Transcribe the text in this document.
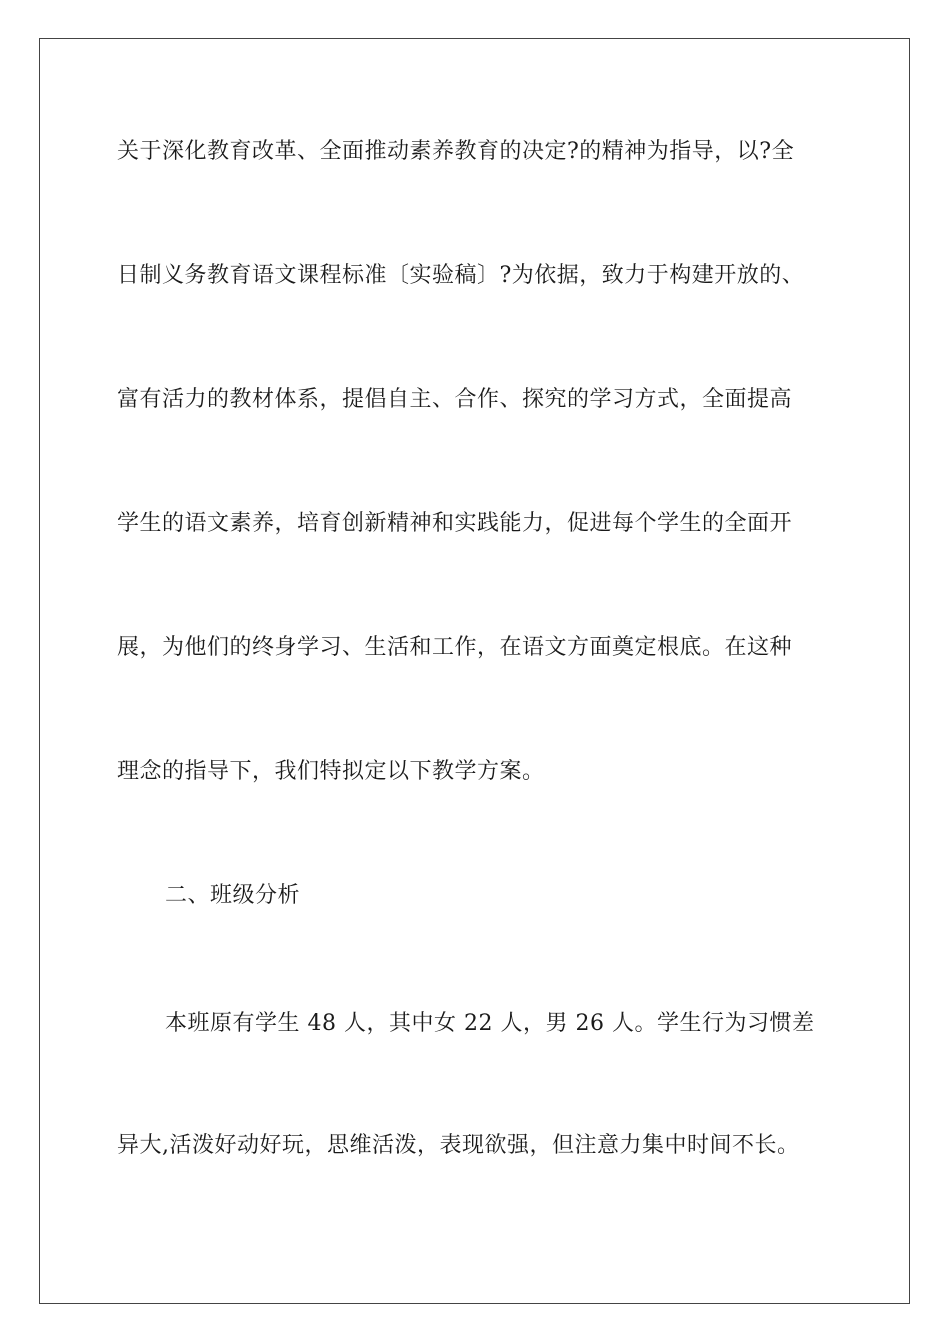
关于深化教育改革、全面推动素养教育的决定?的精神为指导，以?全
日制义务教育语文课程标准〔实验稿〕?为依据，致力于构建开放的、
富有活力的教材体系，提倡自主、合作、探究的学习方式，全面提高
学生的语文素养，培育创新精神和实践能力，促进每个学生的全面开
展，为他们的终身学习、生活和工作，在语文方面奠定根底。在这种
理念的指导下，我们特拟定以下教学方案。
二、班级分析
本班原有学生 48 人，其中女 22 人，男 26 人。学生行为习惯差
异大,活泼好动好玩，思维活泼，表现欲强，但注意力集中时间不长。
